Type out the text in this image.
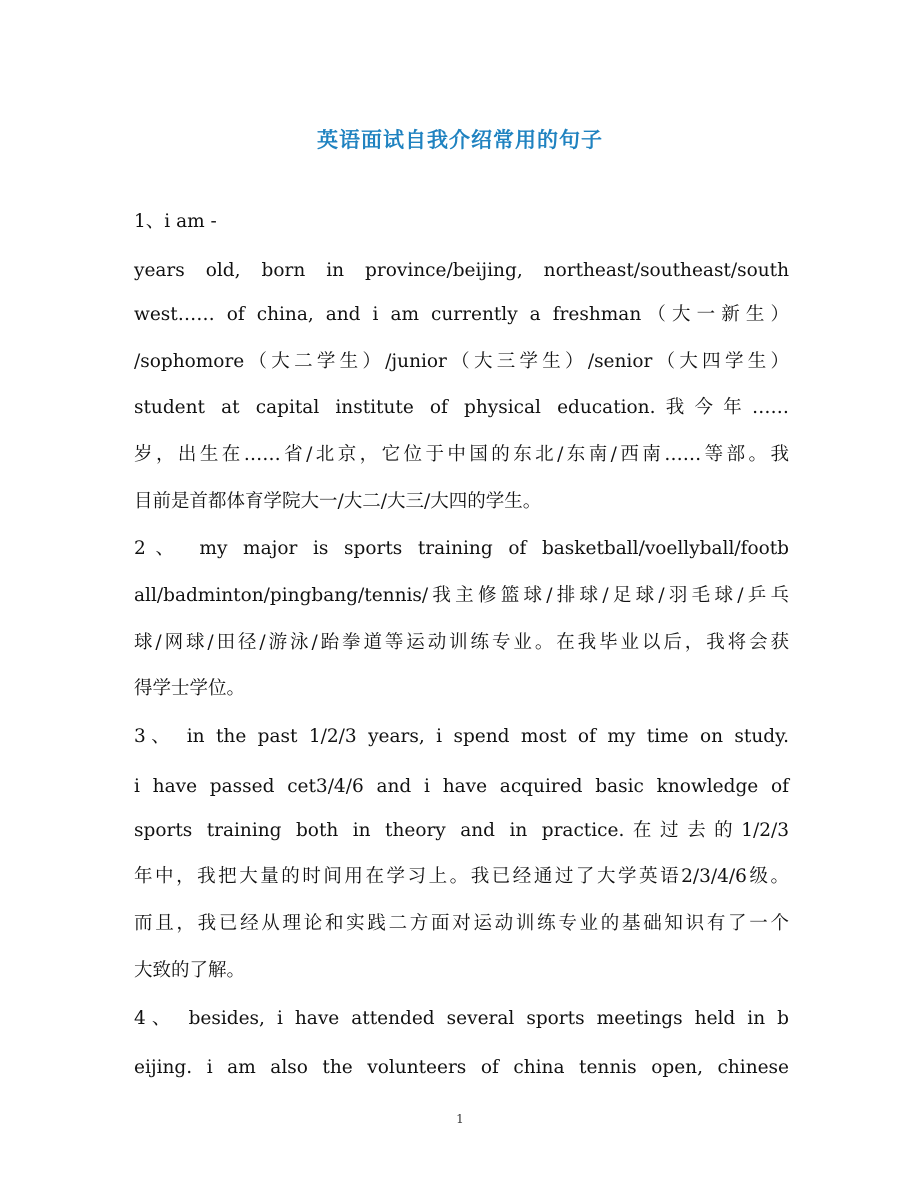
英语面试自我介绍常用的句子
1、i am -
years old, born in province/beijing, northeast/southeast/south
west…… of china, and i am currently a freshman（大一新生）
/sophomore（大二学生）/junior（大三学生）/senior（大四学生）
student at capital institute of physical education.我今年……
岁，出生在……省/北京，它位于中国的东北/东南/西南……等部。我
目前是首都体育学院大一/大二/大三/大四的学生。
2、 my major is sports training of basketball/voellyball/footb
all/badminton/pingbang/tennis/我主修篮球/排球/足球/羽毛球/乒乓
球/网球/田径/游泳/跆拳道等运动训练专业。在我毕业以后，我将会获
得学士学位。
3、 in the past 1/2/3 years, i spend most of my time on study.
i have passed cet3/4/6 and i have acquired basic knowledge of
sports training both in theory and in practice.在过去的1/2/3
年中，我把大量的时间用在学习上。我已经通过了大学英语2/3/4/6级。
而且，我已经从理论和实践二方面对运动训练专业的基础知识有了一个
大致的了解。
4、 besides, i have attended several sports meetings held in b
eijing. i am also the volunteers of china tennis open, chinese
1
